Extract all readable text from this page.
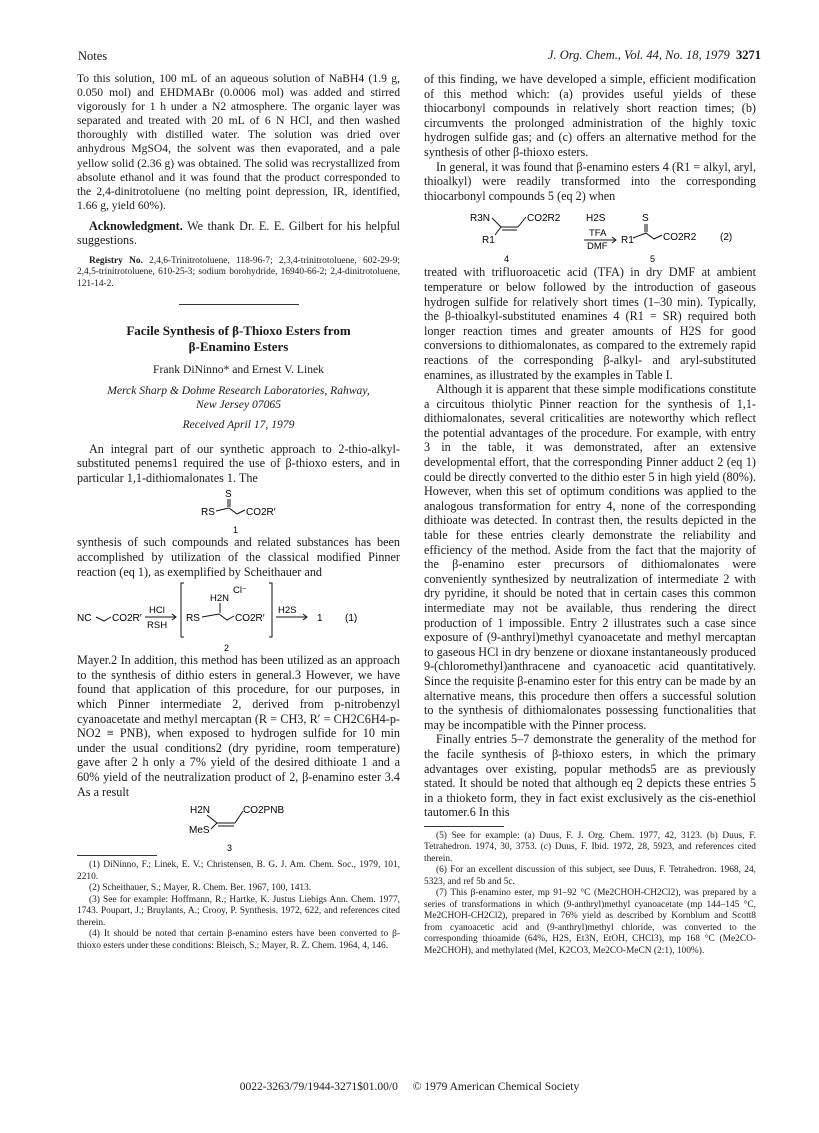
Notes	J. Org. Chem., Vol. 44, No. 18, 1979 3271

To this solution, 100 mL of an aqueous solution of NaBH4 (1.9 g, 0.050 mol) and EHDMABr (0.0006 mol) was added and stirred vigorously for 1 h under a N2 atmosphere. The organic layer was separated and treated with 20 mL of 6 N HCl, and then washed thoroughly with distilled water. The solution was dried over anhydrous MgSO4, the solvent was then evaporated, and a pale yellow solid (2.36 g) was obtained. The solid was recrystallized from absolute ethanol and it was found that the product corresponded to the 2,4-dinitrotoluene (no melting point depression, IR, identified, 1.66 g, yield 60%).

Acknowledgment. We thank Dr. E. E. Gilbert for his helpful suggestions.

Registry No. 2,4,6-Trinitrotoluene, 118-96-7; 2,3,4-trinitrotoluene, 602-29-9; 2,4,5-trinitrotoluene, 610-25-3; sodium borohydride, 16940-66-2; 2,4-dinitrotoluene, 121-14-2.

Facile Synthesis of β-Thioxo Esters from
β-Enamino Esters
Frank DiNinno* and Ernest V. Linek
Merck Sharp & Dohme Research Laboratories, Rahway,
New Jersey 07065
Received April 17, 1979

An integral part of our synthetic approach to 2-thio-alkyl-substituted penems1 required the use of β-thioxo esters, and in particular 1,1-dithiomalonates 1. The

S
RS	CO2R′
1

synthesis of such compounds and related substances has been accomplished by utilization of the classical modified Pinner reaction (eq 1), as exemplified by Scheithauer and

NC CO2R′
HCl
RSH
H2N
Cl⁻
RS	CO2R′
H2S
1 (1)
2

Mayer.2 In addition, this method has been utilized as an approach to the synthesis of dithio esters in general.3 However, we have found that application of this procedure, for our purposes, in which Pinner intermediate 2, derived from p-nitrobenzyl cyanoacetate and methyl mercaptan (R = CH3, R′ = CH2C6H4-p-NO2 ≡ PNB), when exposed to hydrogen sulfide for 10 min under the usual conditions2 (dry pyridine, room temperature) gave after 2 h only a 7% yield of the desired dithioate 1 and a 60% yield of the neutralization product of 2, β-enamino ester 3.4 As a result

H2N	CO2PNB
MeS
3

(1) DiNinno, F.; Linek, E. V.; Christensen, B. G. J. Am. Chem. Soc., 1979, 101, 2210.

(2) Scheithauer, S.; Mayer, R. Chem. Ber. 1967, 100, 1413.

(3) See for example: Hoffmann, R.; Hartke, K. Justus Liebigs Ann. Chem. 1977, 1743. Poupart, J.; Bruylants, A.; Crooy, P. Synthesis. 1972, 622, and references cited therein.

(4) It should be noted that certain β-enamino esters have been converted to β-thioxo esters under these conditions: Bleisch, S.; Mayer, R. Z. Chem. 1964, 4, 146.

of this finding, we have developed a simple, efficient modification of this method which: (a) provides useful yields of these thiocarbonyl compounds in relatively short reaction times; (b) circumvents the prolonged administration of the highly toxic hydrogen sulfide gas; and (c) offers an alternative method for the synthesis of other β-thioxo esters.

In general, it was found that β-enamino esters 4 (R1 = alkyl, aryl, thioalkyl) were readily transformed into the corresponding thiocarbonyl compounds 5 (eq 2) when

R3N	CO2R2
R1
H2S
TFA
DMF
S
R1	CO2R2 (2)
4	5

treated with trifluoroacetic acid (TFA) in dry DMF at ambient temperature or below followed by the introduction of gaseous hydrogen sulfide for relatively short times (1–30 min). Typically, the β-thioalkyl-substituted enamines 4 (R1 = SR) required both longer reaction times and greater amounts of H2S for good conversions to dithiomalonates, as compared to the extremely rapid reactions of the corresponding β-alkyl- and aryl-substituted enamines, as illustrated by the examples in Table I.

Although it is apparent that these simple modifications constitute a circuitous thiolytic Pinner reaction for the synthesis of 1,1-dithiomalonates, several criticalities are noteworthy which reflect the potential advantages of the procedure. For example, with entry 3 in the table, it was demonstrated, after an extensive developmental effort, that the corresponding Pinner adduct 2 (eq 1) could be directly converted to the dithio ester 5 in high yield (80%). However, when this set of optimum conditions was applied to the analogous transformation for entry 4, none of the corresponding dithioate was detected. In contrast then, the results depicted in the table for these entries clearly demonstrate the reliability and efficiency of the method. Aside from the fact that the majority of the β-enamino ester precursors of dithiomalonates were conveniently synthesized by neutralization of intermediate 2 with dry pyridine, it should be noted that in certain cases this common intermediate may not be available, thus rendering the direct production of 1 impossible. Entry 2 illustrates such a case since exposure of (9-anthryl)methyl cyanoacetate and methyl mercaptan to gaseous HCl in dry benzene or dioxane instantaneously produced 9-(chloromethyl)anthracene and cyanoacetic acid quantitatively. Since the requisite β-enamino ester for this entry can be made by an alternative means, this procedure then offers a successful solution to the synthesis of dithiomalonates possessing functionalities that may be incompatible with the Pinner process.

Finally entries 5–7 demonstrate the generality of the method for the facile synthesis of β-thioxo esters, in which the primary advantages over existing, popular methods5 are as previously stated. It should be noted that although eq 2 depicts these entries 5 in a thioketo form, they in fact exist exclusively as the cis-enethiol tautomer.6 In this

(5) See for example: (a) Duus, F. J. Org. Chem. 1977, 42, 3123. (b) Duus, F. Tetrahedron. 1974, 30, 3753. (c) Duus, F. Ibid. 1972, 28, 5923, and references cited therein.

(6) For an excellent discussion of this subject, see Duus, F. Tetrahedron. 1968, 24, 5323, and ref 5b and 5c.

(7) This β-enamino ester, mp 91–92 °C (Me2CHOH-CH2Cl2), was prepared by a series of transformations in which (9-anthryl)methyl cyanoacetate (mp 144–145 °C, Me2CHOH-CH2Cl2), prepared in 76% yield as described by Kornblum and Scott8 from cyanoacetic acid and (9-anthryl)methyl chloride, was converted to the corresponding thioamide (64%, H2S, Et3N, EtOH, CHCl3), mp 168 °C (Me2CO-Me2CHOH), and methylated (MeI, K2CO3, Me2CO-MeCN (2:1), 100%).

0022-3263/79/1944-3271$01.00/0 © 1979 American Chemical Society
